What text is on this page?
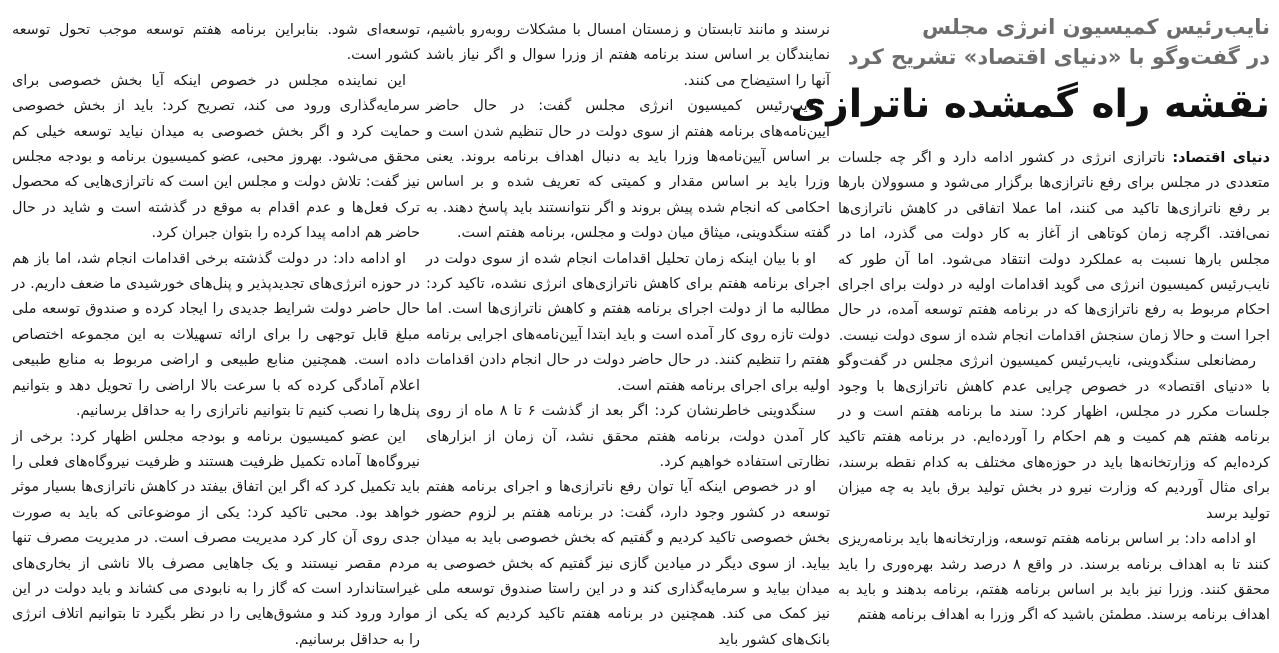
نایب‌رئیس کمیسیون انرژی مجلس
در گفت‌وگو با «دنیای اقتصاد» تشریح کرد
نقشه راه گمشده ناترازی

دنیای اقتصاد: ناترازی انرژی در کشور ادامه دارد و اگر چه جلسات متعددی در مجلس برای رفع ناترازی‌ها برگزار می‌شود و مسوولان بارها بر رفع ناترازی‌ها تاکید می کنند، اما عملا اتفاقی در کاهش ناترازی‌ها نمی‌افتد. اگرچه زمان کوتاهی از آغاز به کار دولت می گذرد، اما در مجلس بارها نسبت به عملکرد دولت انتقاد می‌شود. اما آن طور که نایب‌رئیس کمیسیون انرژی می گوید اقدامات اولیه در دولت برای اجرای احکام مربوط به رفع ناترازی‌ها که در برنامه هفتم توسعه آمده، در حال اجرا است و حالا زمان سنجش اقدامات انجام شده از سوی دولت نیست.

رمضانعلی سنگدوینی، نایب‌رئیس کمیسیون انرژی مجلس در گفت‌وگو با «دنیای اقتصاد» در خصوص چرایی عدم کاهش ناترازی‌ها با وجود جلسات مکرر در مجلس، اظهار کرد: سند ما برنامه هفتم است و در برنامه هفتم هم کمیت و هم احکام را آورده‌ایم. در برنامه هفتم تاکید کرده‌ایم که وزارتخانه‌ها باید در حوزه‌های مختلف به کدام نقطه برسند، برای مثال آوردیم که وزارت نیرو در بخش تولید برق باید به چه میزان تولید برسد

او ادامه داد: بر اساس برنامه هفتم توسعه، وزارتخانه‌ها باید برنامه‌ریزی کنند تا به اهداف برنامه برسند. در واقع ۸ درصد رشد بهره‌وری را باید محقق کنند. وزرا نیز باید بر اساس برنامه هفتم، برنامه بدهند و باید به اهداف برنامه برسند. مطمئن باشید که اگر وزرا به اهداف برنامه هفتم

نرسند و مانند تابستان و زمستان امسال با مشکلات روبه‌رو باشیم، نمایندگان بر اساس سند برنامه هفتم از وزرا سوال و اگر نیاز باشد آنها را استیضاح می کنند.

نایب‌رئیس کمیسیون انرژی مجلس گفت: در حال حاضر آیین‌نامه‌های برنامه هفتم از سوی دولت در حال تنظیم شدن است و بر اساس آیین‌نامه‌ها وزرا باید به دنبال اهداف برنامه بروند. یعنی وزرا باید بر اساس مقدار و کمیتی که تعریف شده و بر اساس احکامی که انجام شده پیش بروند و اگر نتوانستند باید پاسخ دهند. به گفته سنگدوینی، میثاق میان دولت و مجلس، برنامه هفتم است.

او با بیان اینکه زمان تحلیل اقدامات انجام شده از سوی دولت در اجرای برنامه هفتم برای کاهش ناترازی‌های انرژی نشده، تاکید کرد: مطالبه ما از دولت اجرای برنامه هفتم و کاهش ناترازی‌ها است. اما دولت تازه روی کار آمده است و باید ابتدا آیین‌نامه‌های اجرایی برنامه هفتم را تنظیم کنند. در حال حاضر دولت در حال انجام دادن اقدامات اولیه برای اجرای برنامه هفتم است.

سنگدوینی خاطرنشان کرد: اگر بعد از گذشت ۶ تا ۸ ماه از روی کار آمدن دولت، برنامه هفتم محقق نشد، آن زمان از ابزارهای نظارتی استفاده خواهیم کرد.

او در خصوص اینکه آیا توان رفع ناترازی‌ها و اجرای برنامه هفتم توسعه در کشور وجود دارد، گفت: در برنامه هفتم بر لزوم حضور بخش خصوصی تاکید کردیم و گفتیم که بخش خصوصی باید به میدان بیاید. از سوی دیگر در میادین گازی نیز گفتیم که بخش خصوصی به میدان بیاید و سرمایه‌گذاری کند و در این راستا صندوق توسعه ملی نیز کمک می کند. همچنین در برنامه هفتم تاکید کردیم که یکی از بانک‌های کشور باید

توسعه‌ای شود. بنابراین برنامه هفتم توسعه موجب تحول توسعه کشور است.

این نماینده مجلس در خصوص اینکه آیا بخش خصوصی برای سرمایه‌گذاری ورود می کند، تصریح کرد: باید از بخش خصوصی حمایت کرد و اگر بخش خصوصی به میدان نیاید توسعه خیلی کم محقق می‌شود. بهروز محبی، عضو کمیسیون برنامه و بودجه مجلس نیز گفت: تلاش دولت و مجلس این است که ناترازی‌هایی که محصول ترک فعل‌ها و عدم اقدام به موقع در گذشته است و شاید در حال حاضر هم ادامه پیدا کرده را بتوان جبران کرد.

او ادامه داد: در دولت گذشته برخی اقدامات انجام شد، اما باز هم در حوزه انرژی‌های تجدیدپذیر و پنل‌های خورشیدی ما ضعف داریم. در حال حاضر دولت شرایط جدیدی را ایجاد کرده و صندوق توسعه ملی مبلغ قابل توجهی را برای ارائه تسهیلات به این مجموعه اختصاص داده است. همچنین منابع طبیعی و اراضی مربوط به منابع طبیعی اعلام آمادگی کرده که با سرعت بالا اراضی را تحویل دهد و بتوانیم پنل‌ها را نصب کنیم تا بتوانیم ناترازی را به حداقل برسانیم.

این عضو کمیسیون برنامه و بودجه مجلس اظهار کرد: برخی از نیروگاه‌ها آماده تکمیل ظرفیت هستند و ظرفیت نیروگاه‌های فعلی را باید تکمیل کرد که اگر این اتفاق بیفتد در کاهش ناترازی‌ها بسیار موثر خواهد بود. محبی تاکید کرد: یکی از موضوعاتی که باید به صورت جدی روی آن کار کرد مدیریت مصرف است. در مدیریت مصرف تنها مردم مقصر نیستند و یک جاهایی مصرف بالا ناشی از بخاری‌های غیراستاندارد است که گاز را به نابودی می کشاند و باید دولت در این موارد ورود کند و مشوق‌هایی را در نظر بگیرد تا بتوانیم اتلاف انرژی را به حداقل برسانیم.
